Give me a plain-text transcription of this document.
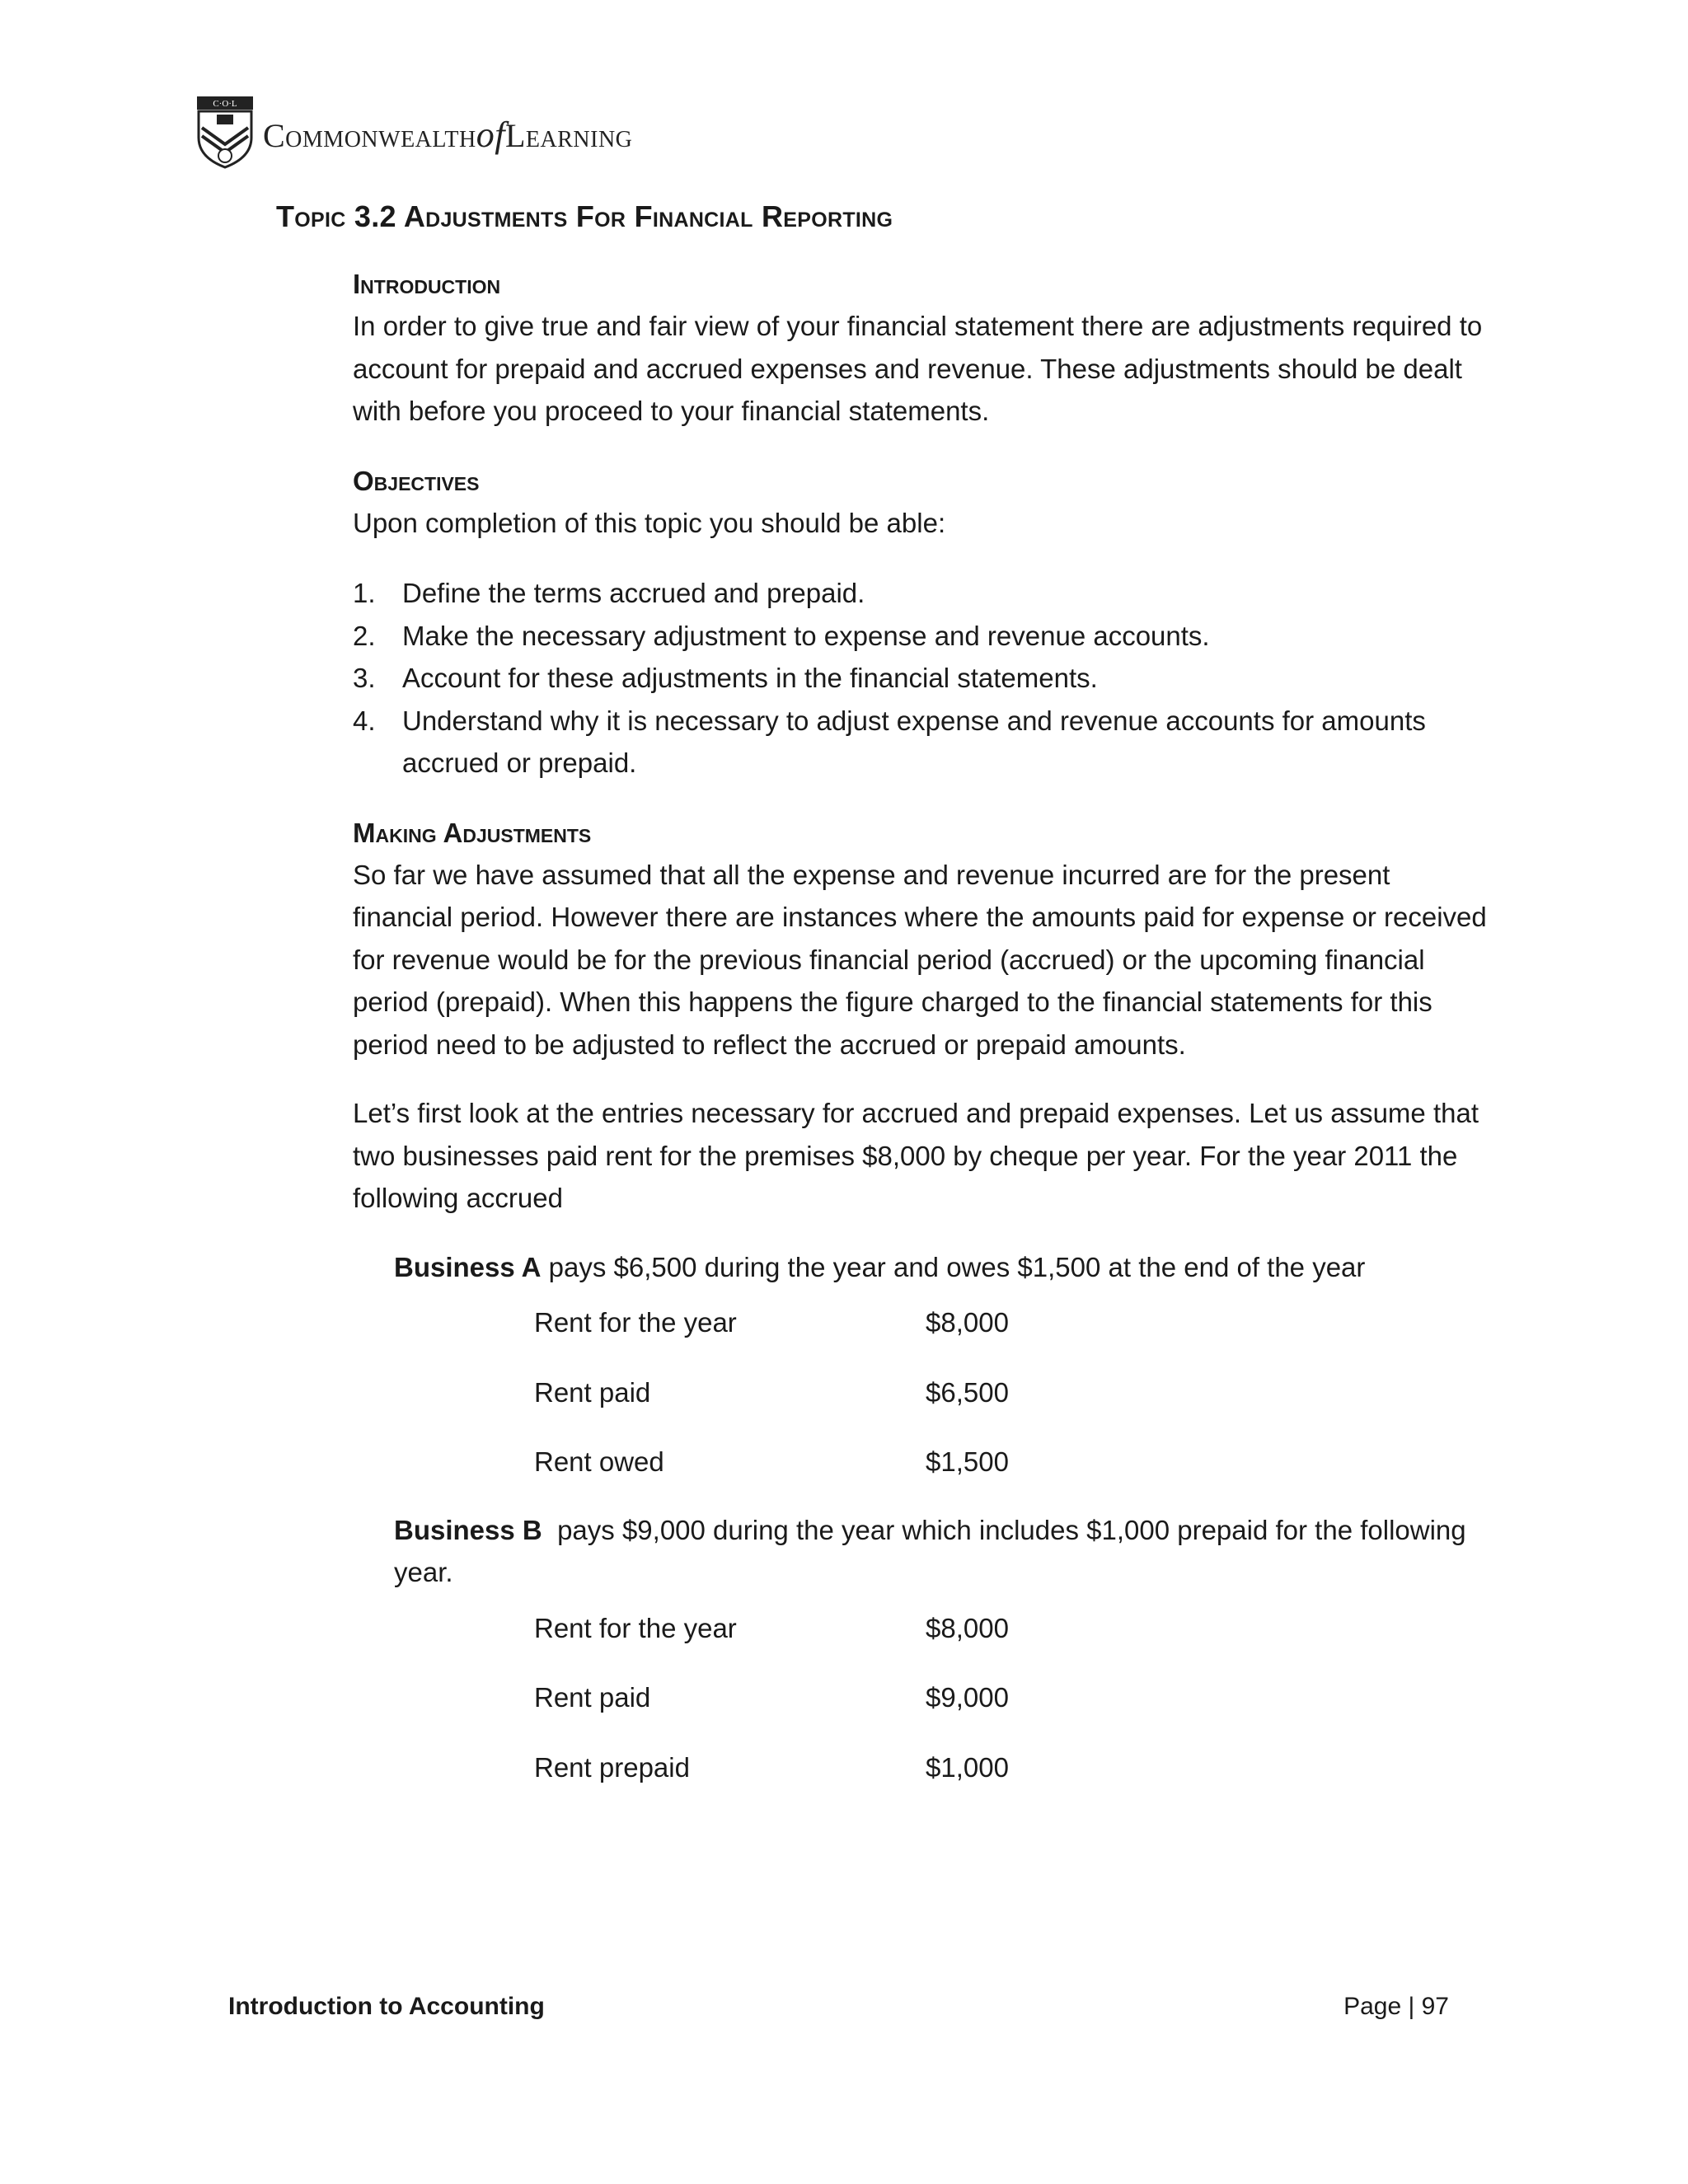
C·O·L
CommonwealthofLearning
Topic 3.2 Adjustments For Financial Reporting
Introduction

In order to give true and fair view of your financial statement there are adjustments required to account for prepaid and accrued expenses and revenue. These adjustments should be dealt with before you proceed to your financial statements.

Objectives

Upon completion of this topic you should be able:

1. Define the terms accrued and prepaid.
2. Make the necessary adjustment to expense and revenue accounts.
3. Account for these adjustments in the financial statements.
4. Understand why it is necessary to adjust expense and revenue accounts for amounts accrued or prepaid.
Making Adjustments

So far we have assumed that all the expense and revenue incurred are for the present financial period. However there are instances where the amounts paid for expense or received for revenue would be for the previous financial period (accrued) or the upcoming financial period (prepaid). When this happens the figure charged to the financial statements for this period need to be adjusted to reflect the accrued or prepaid amounts.

Let’s first look at the entries necessary for accrued and prepaid expenses. Let us assume that two businesses paid rent for the premises $8,000 by cheque per year. For the year 2011 the following accrued

Business A pays $6,500 during the year and owes $1,500 at the end of the year
Rent for the year	$8,000
Rent paid	$6,500
Rent owed	$1,500
Business B  pays $9,000 during the year which includes $1,000 prepaid for the following year.
Rent for the year	$8,000
Rent paid	$9,000
Rent prepaid	$1,000
Introduction to Accounting	Page | 97
